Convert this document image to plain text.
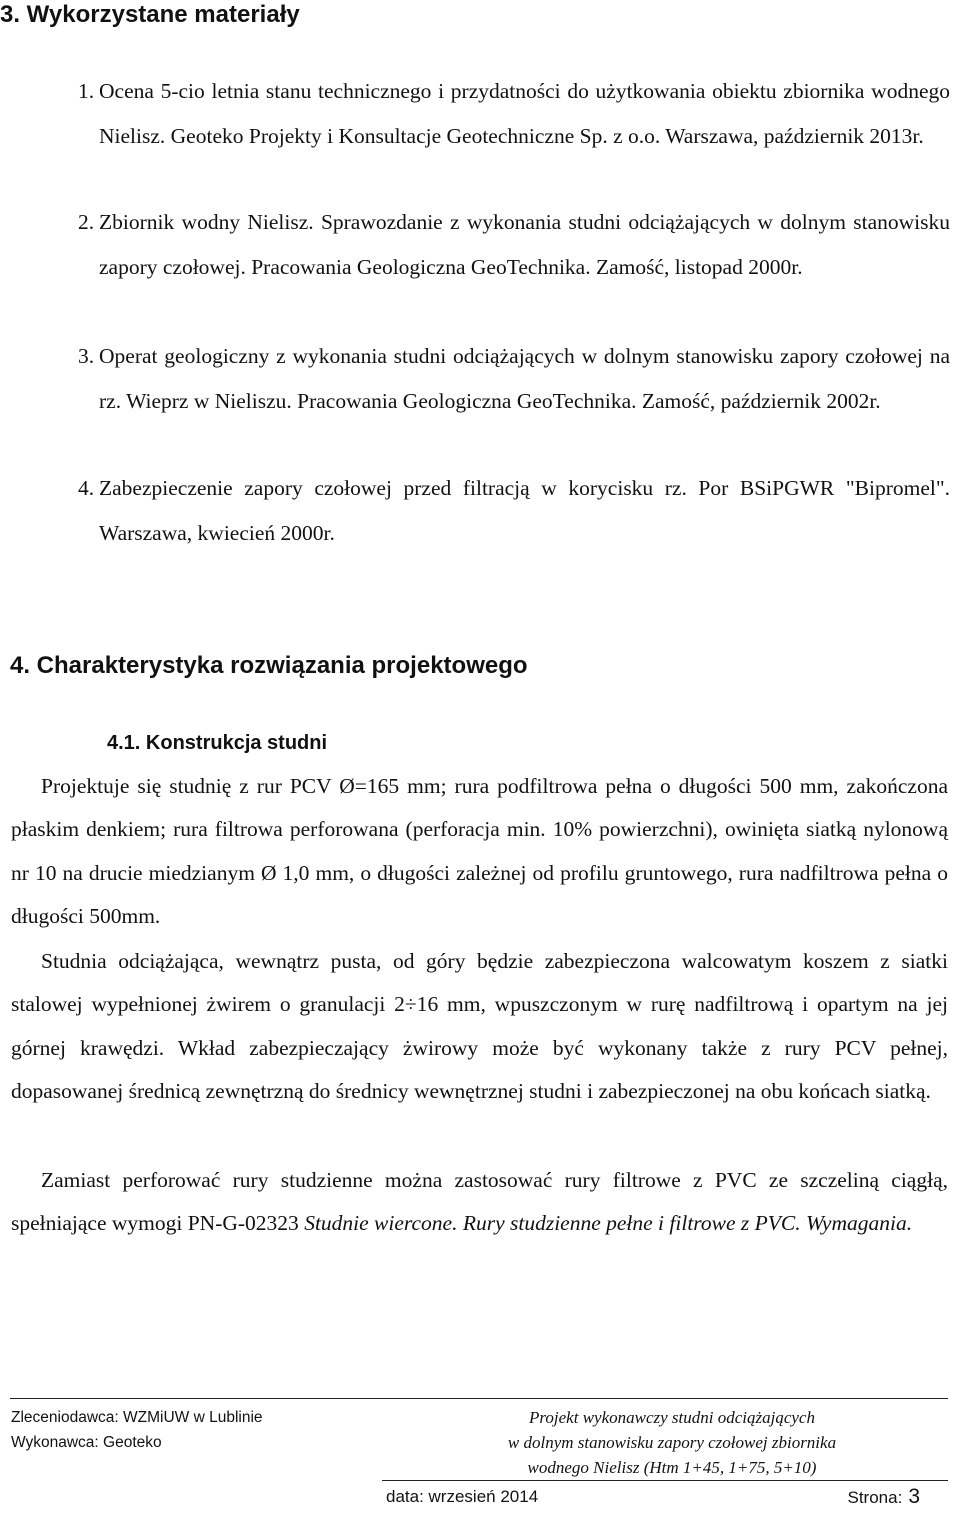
3. Wykorzystane materiały
1. Ocena 5-cio letnia stanu technicznego i przydatności do użytkowania obiektu zbiornika wodnego Nielisz. Geoteko Projekty i Konsultacje Geotechniczne Sp. z o.o. Warszawa, październik 2013r.
2. Zbiornik wodny Nielisz. Sprawozdanie z wykonania studni odciążających w dolnym stanowisku zapory czołowej. Pracowania Geologiczna GeoTechnika. Zamość, listopad 2000r.
3. Operat geologiczny z wykonania studni odciążających w dolnym stanowisku zapory czołowej na rz. Wieprz w Nieliszu. Pracowania Geologiczna GeoTechnika. Zamość, październik 2002r.
4. Zabezpieczenie zapory czołowej przed filtracją w korycisku rz. Por BSiPGWR "Bipromel". Warszawa, kwiecień 2000r.
4. Charakterystyka rozwiązania projektowego
4.1. Konstrukcja studni

Projektuje się studnię z rur PCV Ø=165 mm; rura podfiltrowa pełna o długości 500 mm, zakończona płaskim denkiem; rura filtrowa perforowana (perforacja min. 10% powierzchni), owinięta siatką nylonową nr 10 na drucie miedzianym Ø 1,0 mm, o długości zależnej od profilu gruntowego, rura nadfiltrowa pełna o długości 500mm.

Studnia odciążająca, wewnątrz pusta, od góry będzie zabezpieczona walcowatym koszem z siatki stalowej wypełnionej żwirem o granulacji 2÷16 mm, wpuszczonym w rurę nadfiltrową i opartym na jej górnej krawędzi. Wkład zabezpieczający żwirowy może być wykonany także z rury PCV pełnej, dopasowanej średnicą zewnętrzną do średnicy wewnętrznej studni i zabezpieczonej na obu końcach siatką.

Zamiast perforować rury studzienne można zastosować rury filtrowe z PVC ze szczeliną ciągłą, spełniające wymogi PN-G-02323 Studnie wiercone. Rury studzienne pełne i filtrowe z PVC. Wymagania.

Zleceniodawca: WZMiUW w Lublinie
Wykonawca: Geoteko
Projekt wykonawczy studni odciążających
w dolnym stanowisku zapory czołowej zbiornika
wodnego Nielisz (Htm 1+45, 1+75, 5+10)
data: wrzesień 2014	Strona: 3
